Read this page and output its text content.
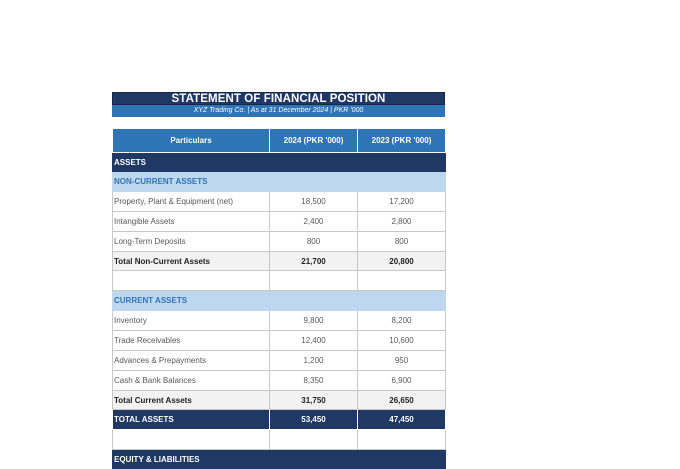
STATEMENT OF FINANCIAL POSITION
XYZ Trading Co. | As at 31 December 2024 | PKR '000
Particulars	2024 (PKR '000)	2023 (PKR '000)
ASSETS		
NON-CURRENT ASSETS		
Property, Plant & Equipment (net)	18,500	17,200
Intangible Assets	2,400	2,800
Long-Term Deposits	800	800
Total Non-Current Assets	21,700	20,800

CURRENT ASSETS		
Inventory	9,800	8,200
Trade Receivables	12,400	10,600
Advances & Prepayments	1,200	950
Cash & Bank Balances	8,350	6,900
Total Current Assets	31,750	26,650
TOTAL ASSETS	53,450	47,450

EQUITY & LIABILITIES		
